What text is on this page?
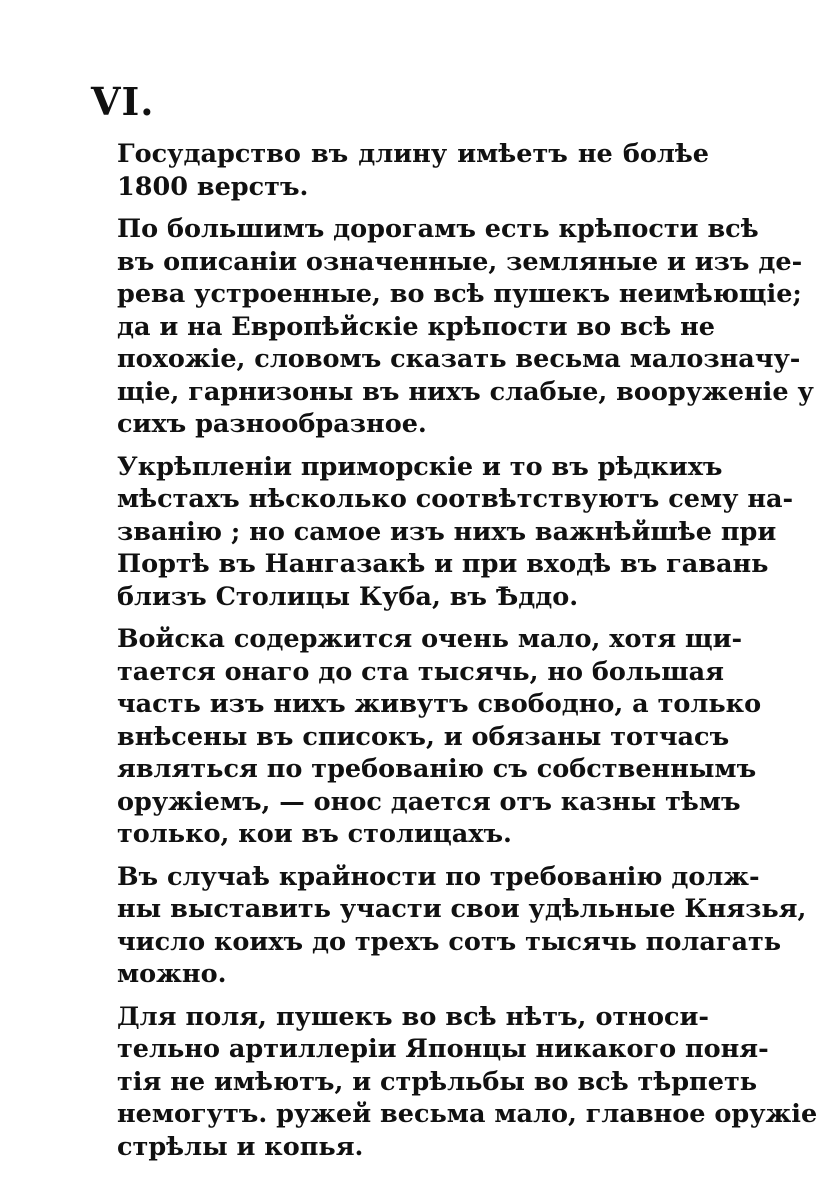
VI.
Государство въ длину имѣетъ не болѣе
1800 верстъ.
По большимъ дорогамъ есть крѣпости всѣ
въ описанiи означенные, земляные и изъ де-
рева устроенные, во всѣ пушекъ неимѣющiе;
да и на Европѣйскiе крѣпости во всѣ не
похожiе, словомъ сказать весьма малозначу-
щiе, гарнизоны въ нихъ слабые, вооруженiе у
сихъ разнообразное.
Укрѣпленiи приморскiе и то въ рѣдкихъ
мѣстахъ нѣсколько соотвѣтствуютъ сему на-
званiю ; но самое изъ нихъ важнѣйшѣе при
Портѣ въ Нангазакѣ и при входѣ въ гавань
близъ Столицы Куба, въ Ѣддо.
Войска содержится очень мало, хотя щи-
тается онаго до ста тысячь, но большая
часть изъ нихъ живутъ свободно, а только
внѣсены въ списокъ, и обязаны тотчасъ
являться по требованiю съ собственнымъ
оружiемъ, — онос дается отъ казны тѣмъ
только, кои въ столицахъ.
Въ случаѣ крайности по требованiю долж-
ны выставить участи свои удѣльные Князья,
число коихъ до трехъ сотъ тысячь полагать
можно.
Для поля, пушекъ во всѣ нѣтъ, относи-
тельно артиллерiи Японцы никакого поня-
тiя не имѣютъ, и стрѣльбы во всѣ тѣрпеть
немогутъ. ружей весьма мало, главное оружiе
стрѣлы и копья.
